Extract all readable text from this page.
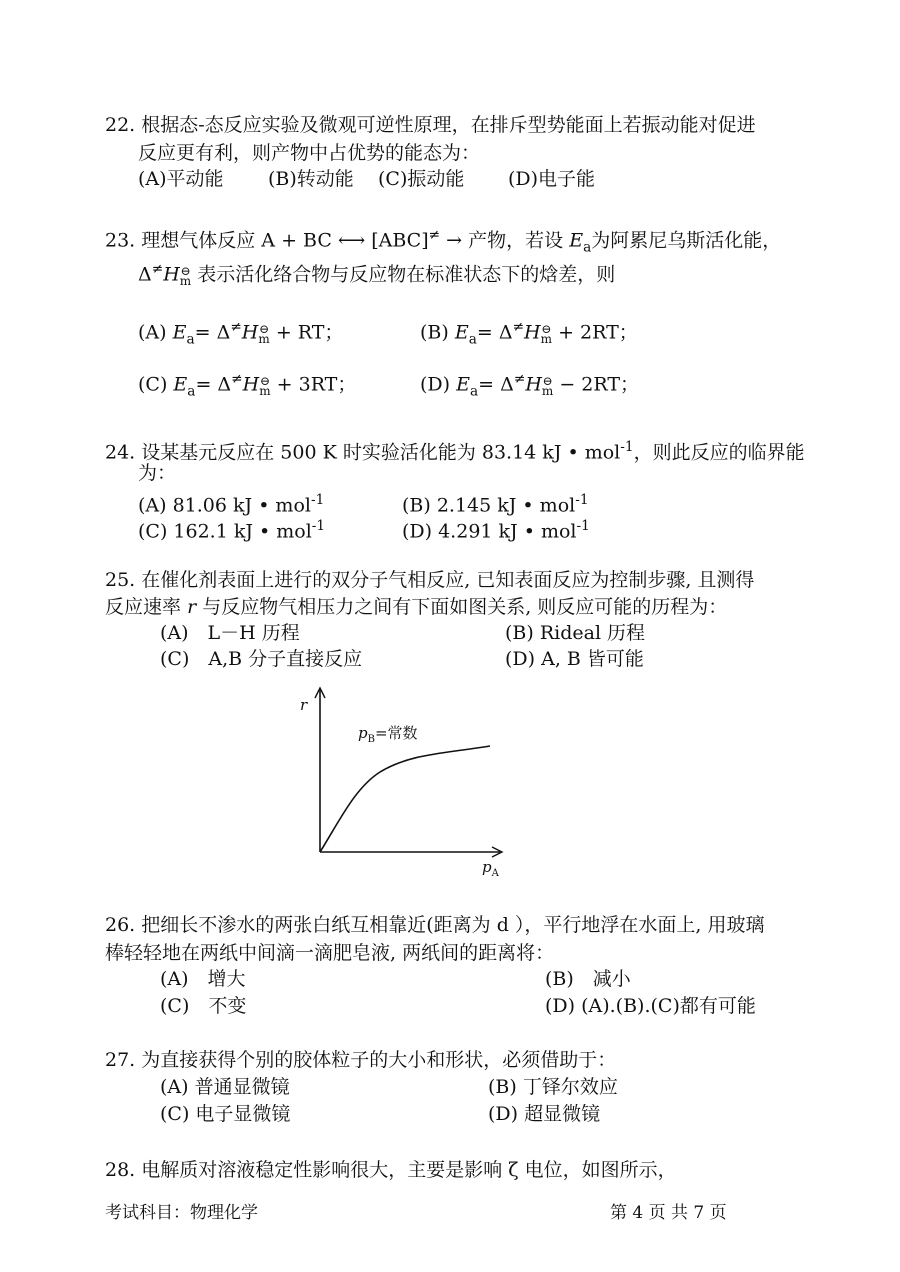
22. 根据态-态反应实验及微观可逆性原理，在排斥型势能面上若振动能对促进
反应更有利，则产物中占优势的能态为：
(A)平动能 (B)转动能 (C)振动能 (D)电子能
23. 理想气体反应 A + BC ⟷ [ABC]≠ → 产物，若设 $E_a$为阿累尼乌斯活化能，
Δ≠H⊖
m 表示活化络合物与反应物在标准状态下的焓差，则
(A) $E_a=$ Δ≠H⊖
m + RT；	(B) $E_a=$ Δ≠H⊖
m + 2RT；
(C) $E_a=$ Δ≠H⊖
m + 3RT；	(D) $E_a=$ Δ≠H⊖
m − 2RT；
24. 设某基元反应在 500 K 时实验活化能为 83.14 kJ • mol$^{-1}$，则此反应的临界能
为：
(A) 81.06 kJ • mol$^{-1}$	(B) 2.145 kJ • mol$^{-1}$
(C) 162.1 kJ • mol$^{-1}$	(D) 4.291 kJ • mol$^{-1}$
25. 在催化剂表面上进行的双分子气相反应, 已知表面反应为控制步骤, 且测得
反应速率 r 与反应物气相压力之间有下面如图关系, 则反应可能的历程为：
(A)　L－H 历程	(B) Rideal 历程
(C)　A,B 分子直接反应	(D) A, B 皆可能
r
$p_B=$常数
$p_A$
26. 把细长不渗水的两张白纸互相靠近(距离为 d ），平行地浮在水面上, 用玻璃
棒轻轻地在两纸中间滴一滴肥皂液, 两纸间的距离将：
(A)　增大	(B)　减小
(C)　不变	(D) (A).(B).(C)都有可能
27. 为直接获得个别的胶体粒子的大小和形状，必须借助于：
(A) 普通显微镜	(B) 丁铎尔效应
(C) 电子显微镜	(D) 超显微镜
28. 电解质对溶液稳定性影响很大，主要是影响 ζ 电位，如图所示，
考试科目：物理化学	第 4 页 共 7 页
